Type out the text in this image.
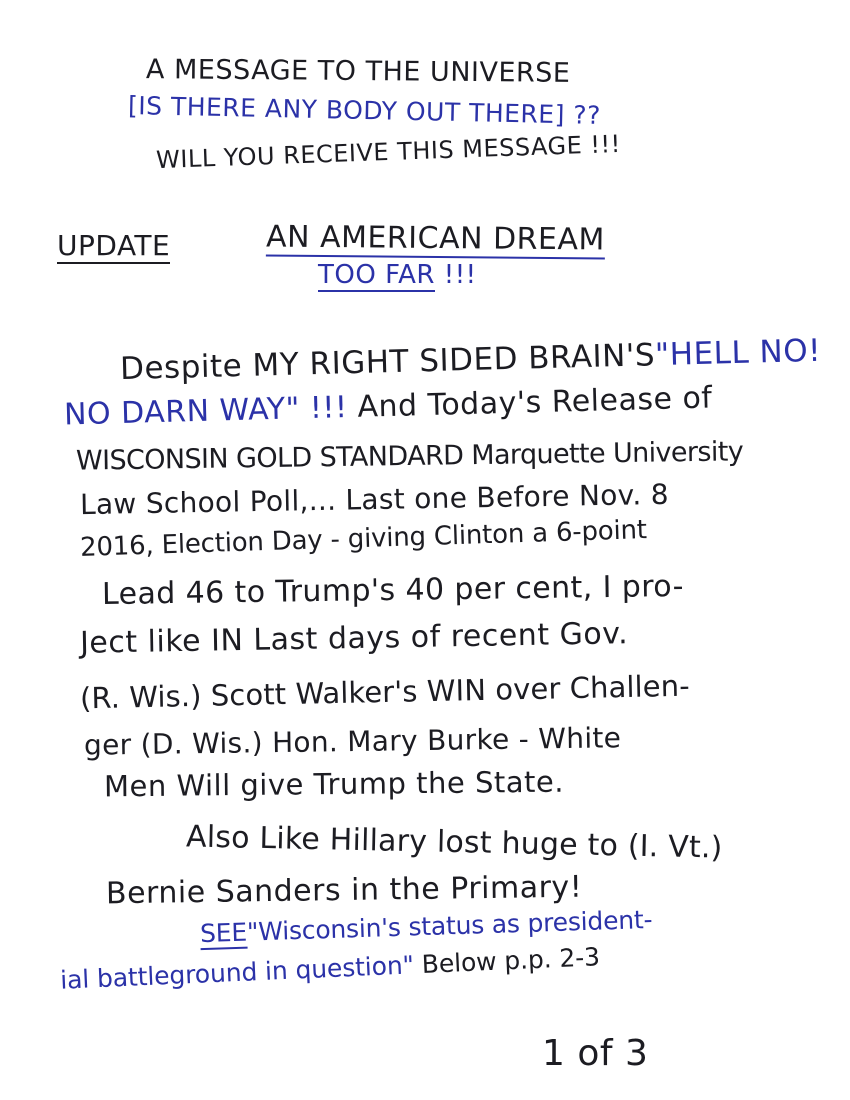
A MESSAGE TO THE UNIVERSE

[IS THERE ANY BODY OUT THERE] ??

WILL YOU RECEIVE THIS MESSAGE !!!

UPDATE	AN AMERICAN DREAM

TOO FAR !!!

Despite MY RIGHT SIDED BRAIN'S"HELL NO!

NO DARN WAY" !!! And Today's Release of

WISCONSIN GOLD STANDARD Marquette University

Law School Poll,... Last one Before Nov. 8

2016, Election Day - giving Clinton a 6-point

Lead 46 to Trump's 40 per cent, I pro-

Ject like IN Last days of recent Gov.

(R. Wis.) Scott Walker's WIN over Challen-

ger (D. Wis.) Hon. Mary Burke - White

Men Will give Trump the State.

Also Like Hillary lost huge to (I. Vt.)

Bernie Sanders in the Primary!

SEE"Wisconsin's status as president-

ial battleground in question" Below p.p. 2-3

1 of 3
